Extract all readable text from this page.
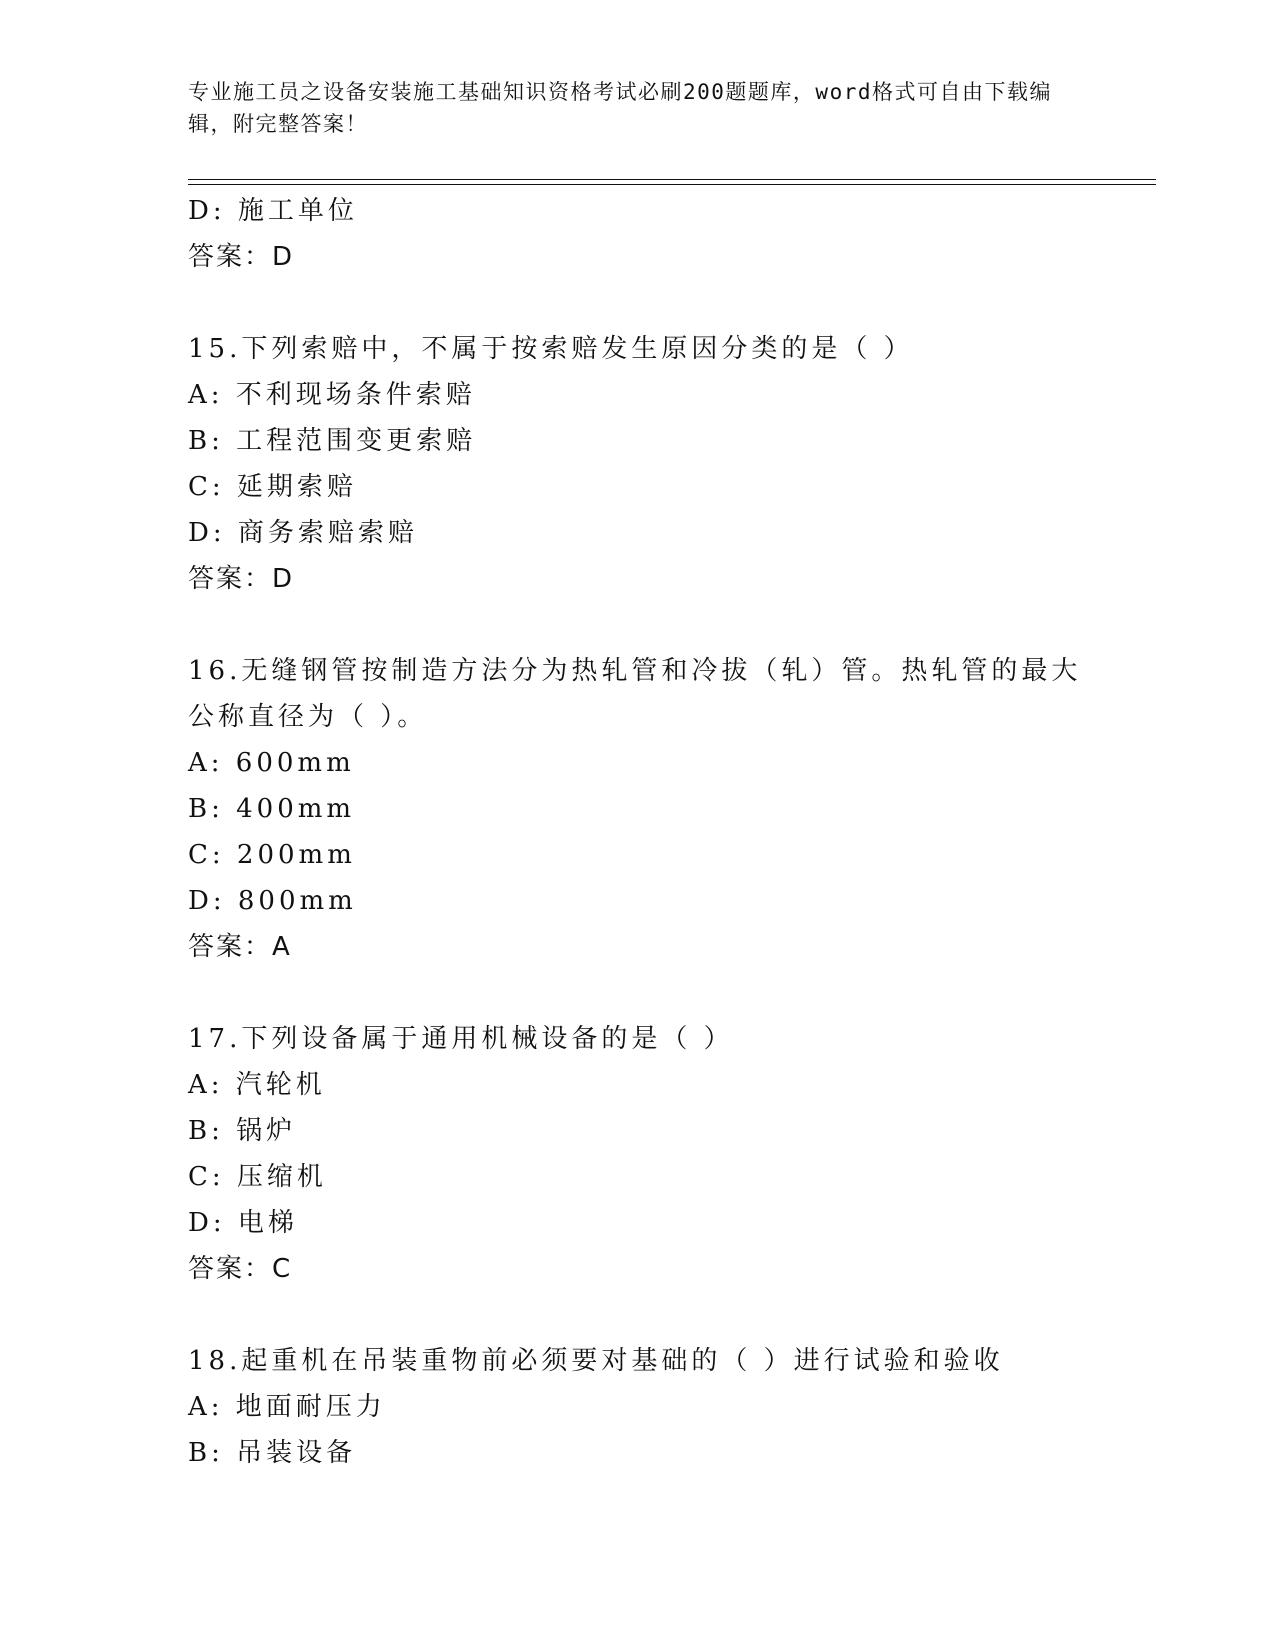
专业施工员之设备安装施工基础知识资格考试必刷200题题库，word格式可自由下载编辑，附完整答案！
D: 施工单位
答案：D
15.下列索赔中，不属于按索赔发生原因分类的是（ ）
A: 不利现场条件索赔
B: 工程范围变更索赔
C: 延期索赔
D: 商务索赔索赔
答案：D
16.无缝钢管按制造方法分为热轧管和冷拔（轧）管。热轧管的最大公称直径为（ ）。
A: 600mm
B: 400mm
C: 200mm
D: 800mm
答案：A
17.下列设备属于通用机械设备的是（ ）
A: 汽轮机
B: 锅炉
C: 压缩机
D: 电梯
答案：C
18.起重机在吊装重物前必须要对基础的（ ）进行试验和验收
A: 地面耐压力
B: 吊装设备
